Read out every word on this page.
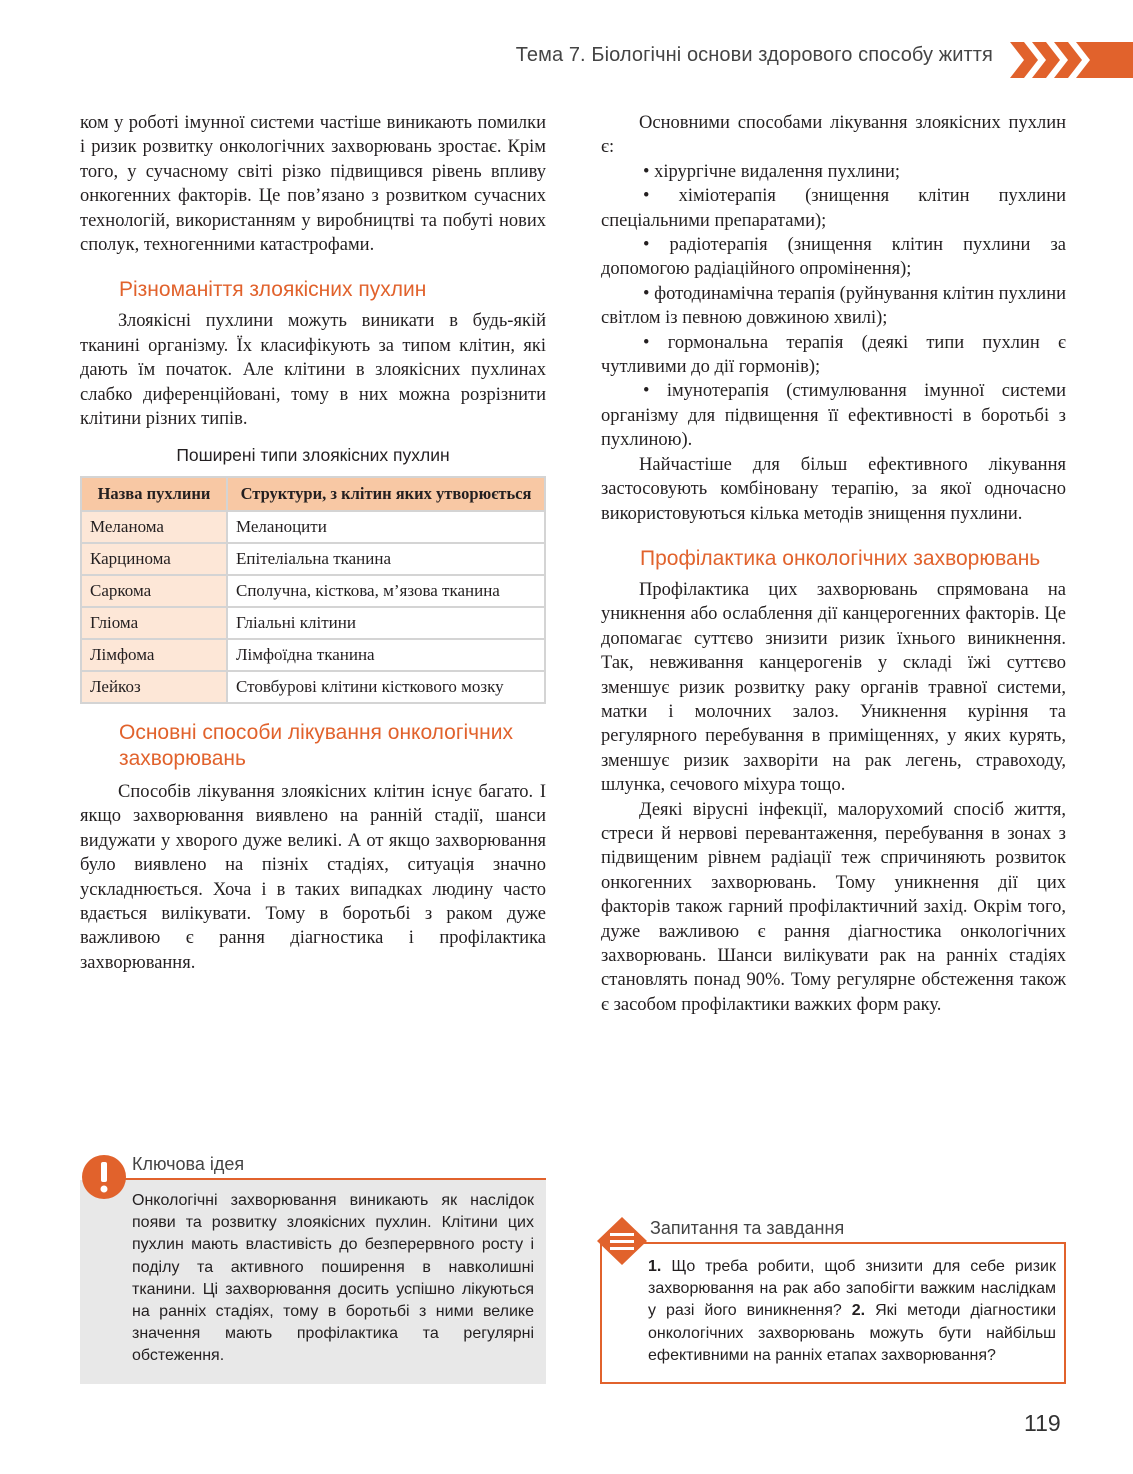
Тема 7. Біологічні основи здорового способу життя

ком у роботі імунної системи частіше виникають помилки і ризик розвитку онкологічних захворювань зростає. Крім того, у сучасному світі різко підвищився рівень впливу онкогенних факторів. Це пов’язано з розвитком сучасних технологій, використанням у виробництві та побуті нових сполук, техногенними катастрофами.

Різноманіття злоякісних пухлин

Злоякісні пухлини можуть виникати в будь-якій тканині організму. Їх класифікують за типом клітин, які дають їм початок. Але клітини в злоякісних пухлинах слабко диференційовані, тому в них можна розрізнити клітини різних типів.

Поширені типи злоякісних пухлин
Назва пухлини	Структури, з клітин яких утворюється
Меланома	Меланоцити
Карцинома	Епітеліальна тканина
Саркома	Сполучна, кісткова, м’язова тканина
Гліома	Гліальні клітини
Лімфома	Лімфоїдна тканина
Лейкоз	Стовбурові клітини кісткового мозку
Основні способи лікування онкологічних захворювань

Способів лікування злоякісних клітин існує багато. І якщо захворювання виявлено на ранній стадії, шанси видужати у хворого дуже великі. А от якщо захворювання було виявлено на пізніх стадіях, ситуація значно ускладнюється. Хоча і в таких випадках людину часто вдається вилікувати. Тому в боротьбі з раком дуже важливою є рання діагностика і профілактика захворювання.

Онкологічні захворювання виникають як наслідок появи та розвитку злоякісних пухлин. Клітини цих пухлин мають властивість до безперервного росту і поділу та активного поширення в навколишні тканини. Ці захворювання досить успішно лікуються на ранніх стадіях, тому в боротьбі з ними велике значення мають профілактика та регулярні обстеження.

Ключова ідея

Основними способами лікування злоякісних пухлин є:

• хірургічне видалення пухлини;

• хіміотерапія (знищення клітин пухлини спеціальними препаратами);

• радіотерапія (знищення клітин пухлини за допомогою радіаційного опромінення);

• фотодинамічна терапія (руйнування клітин пухлини світлом із певною довжиною хвилі);

• гормональна терапія (деякі типи пухлин є чутливими до дії гормонів);

• імунотерапія (стимулювання імунної системи організму для підвищення її ефективності в боротьбі з пухлиною).

Найчастіше для більш ефективного лікування застосовують комбіновану терапію, за якої одночасно використовуються кілька методів знищення пухлини.

Профілактика онкологічних захворювань

Профілактика цих захворювань спрямована на уникнення або ослаблення дії канцерогенних факторів. Це допомагає суттєво знизити ризик їхнього виникнення. Так, невживання канцерогенів у складі їжі суттєво зменшує ризик розвитку раку органів травної системи, матки і молочних залоз. Уникнення куріння та регулярного перебування в приміщеннях, у яких курять, зменшує ризик захворіти на рак легень, стравоходу, шлунка, сечового міхура тощо.

Деякі вірусні інфекції, малорухомий спосіб життя, стреси й нервові перевантаження, перебування в зонах з підвищеним рівнем радіації теж спричиняють розвиток онкогенних захворювань. Тому уникнення дії цих факторів також гарний профілактичний захід. Окрім того, дуже важливою є рання діагностика онкологічних захворювань. Шанси вилікувати рак на ранніх стадіях становлять понад 90%. Тому регулярне обстеження також є засобом профілактики важких форм раку.

Запитання та завдання

1. Що треба робити, щоб знизити для себе ризик захворювання на рак або запобігти важким наслідкам у разі його виникнення? 2. Які методи діагностики онкологічних захворювань можуть бути найбільш ефективними на ранніх етапах захворювання?

119
